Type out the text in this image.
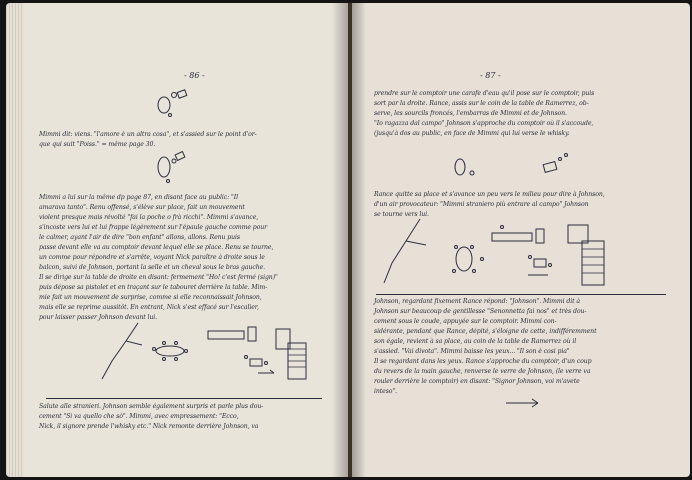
- 86 -
Mimmi dit: viens. "l'amore è un altra cosa", et s'assied sur le point d'or-
que qui suit "Poiss." = même page 30.
Mimmi a lui sur la même dp page 87, en disant face au public: "Il
amarava tanto". Renu offensé, s'élève sur place, fait un mouvement
violent presque mais révolté "fai la poche o frà ricchi". Mimmi s'avance,
s'incoste vers lui et lui frappe légèrement sur l'épaule gauche comme pour
le calmer, ayant l'air de dire "bon enfant" allons, allons. Renu puis
passe devant elle va au comptoir devant lequel elle se place. Renu se tourne,
un comme pour répondre et s'arrête, voyant Nick paraître à droite sous le
balcon, suivi de Johnson, portant la selle et un cheval sous le bras gauche.
Il se dirige sur la table de droite en disant: fermement "Ho! c'est fermé (sign)"
puis dépose sa pistolet et en traçant sur le tabouret derrière la table. Mim-
mie fait un mouvement de surprise, comme si elle reconnaissait Johnson,
mais elle se reprime aussitôt. En entrant, Nick s'est effacé sur l'escalier,
pour laisser passer Johnson devant lui.
Salute alle stranieri. Johnson semble également surpris et parle plus dou-
cement "Si va quello che sò". Mimmi, avec empressement: "Ecco,
Nick, il signore prende l'whisky etc." Nick remonte derrière Johnson, va
- 87 -
prendre sur le comptoir une carafe d'eau qu'il pose sur le comptoir, puis
sort par la droite. Rance, assis sur le coin de la table de Ramerrez, ob-
serve, les sourcils froncés, l'embarras de Mimmi et de Johnson.
"Io ragazza dal campo" Johnson s'approche du comptoir où il s'accoude,
(jusqu'à dos au public, en face de Mimmi qui lui verse le whisky.
Rance quitte sa place et s'avance un peu vers le milieu pour dire à Johnson,
d'un air provocateur: "Mimmi straniero più entrare al campo" Johnson
se tourne vers lui.
Johnson, regardant fixement Rance répond: "Johnson". Mimmi dit à
Johnson sur beaucoup de gentillesse "Senonnetta fai nos" et très dou-
cement sous le coude, appuyée sur le comptoir. Mimmi con-
sidérante, pendant que Rance, dépité, s'éloigne de cette, indifféremment
son égale, revient à sa place, au coin de la table de Ramerrez où il
s'assied. "Vai divota". Mimmi baisse les yeux... "Il son è cosi pia"
Il se regardant dans les yeux. Rance s'approche du comptoir, d'un coup
du revers de la main gauche, renverse le verre de Johnson, (le verre va
rouler derrière le comptoir) en disant: "Signor Johnson, voi m'avete
inteso".
